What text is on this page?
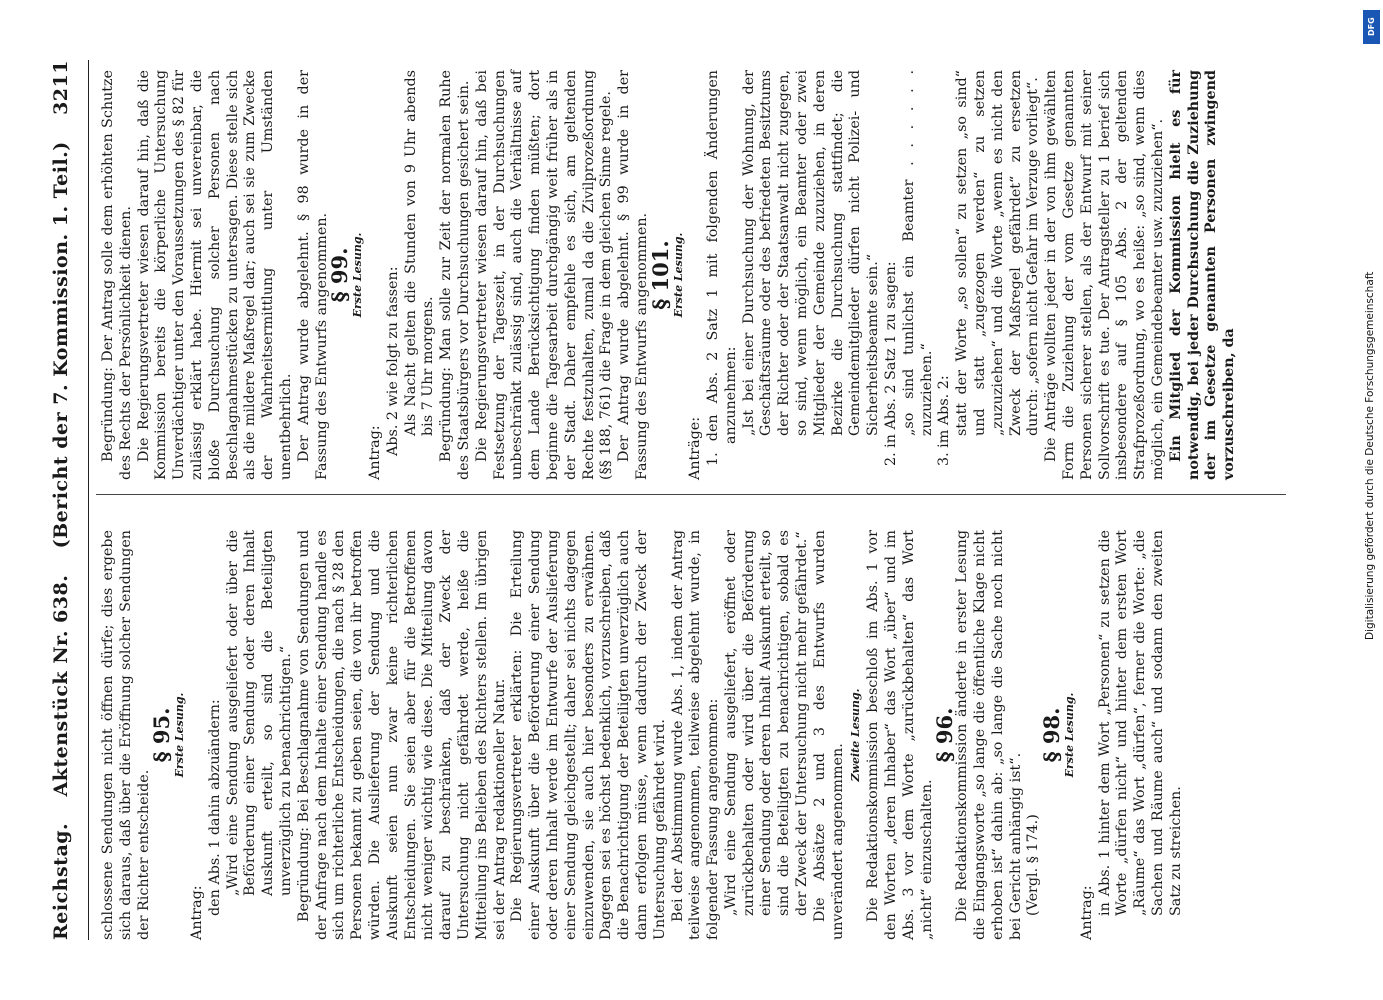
Reichstag.
Aktenstück Nr. 638.
(Bericht der 7. Kommission. 1. Teil.)
3211

schlossene Sendungen nicht öffnen dürfe; dies ergebe sich daraus, daß über die Eröffnung solcher Sendungen der Richter entscheide.

§ 95.

Erste Lesung.

Antrag: den Abs. 1 dahin abzuändern: „Wird eine Sendung ausgeliefert oder über die Beförderung einer Sendung oder deren Inhalt Auskunft erteilt, so sind die Beteiligten unverzüglich zu benachrichtigen.“ Begründung: Bei Beschlagnahme von Sendungen und der Anfrage nach dem Inhalte einer Sendung handle es sich um richterliche Entscheidungen, die nach § 28 den Personen bekannt zu geben seien, die von ihr betroffen würden. Die Auslieferung der Sendung und die Auskunft seien nun zwar keine richterlichen Entscheidungen. Sie seien aber für die Betroffenen nicht weniger wichtig wie diese. Die Mitteilung davon darauf zu beschränken, daß der Zweck der Untersuchung nicht gefährdet werde, heiße die Mitteilung ins Belieben des Richters stellen. Im übrigen sei der Antrag redaktioneller Natur. Die Regierungsvertreter erklärten: Die Erteilung einer Auskunft über die Beförderung einer Sendung oder deren Inhalt werde im Entwurfe der Auslieferung einer Sendung gleichgestellt; daher sei nichts dagegen einzuwenden, sie auch hier besonders zu erwähnen. Dagegen sei es höchst bedenklich, vorzuschreiben, daß die Benachrichtigung der Beteiligten unverzüglich auch dann erfolgen müsse, wenn dadurch der Zweck der Untersuchung gefährdet wird. Bei der Abstimmung wurde Abs. 1, indem der Antrag teilweise angenommen, teilweise abgelehnt wurde, in folgender Fassung angenommen: „Wird eine Sendung ausgeliefert, eröffnet oder zurückbehalten oder wird über die Beförderung einer Sendung oder deren Inhalt Auskunft erteilt, so sind die Beteiligten zu benachrichtigen, sobald es der Zweck der Untersuchung nicht mehr gefährdet.“ Die Absätze 2 und 3 des Entwurfs wurden unverändert angenommen.

Zweite Lesung. Die Redaktionskommission beschloß im Abs. 1 vor den Worten „deren Inhaber“ das Wort „über“ und im Abs. 3 vor dem Worte „zurückbehalten“ das Wort „nicht“ einzuschalten.

§ 96.

Die Redaktionskommission änderte in erster Lesung die Eingangsworte „so lange die öffentliche Klage nicht erhoben ist“ dahin ab: „so lange die Sache noch nicht bei Gericht anhängig ist“. (Vergl. § 174.)

§ 98.

Erste Lesung.

Antrag: in Abs. 1 hinter dem Wort „Personen“ zu setzen die Worte „dürfen nicht“ und hinter dem ersten Wort „Räume“ das Wort „dürfen“, ferner die Worte: „die Sachen und Räume auch“ und sodann den zweiten Satz zu streichen.

Begründung: Der Antrag solle dem erhöhten Schutze des Rechts der Persönlichkeit dienen. Die Regierungsvertreter wiesen darauf hin, daß die Kommission bereits die körperliche Untersuchung Unverdächtiger unter den Voraussetzungen des § 82 für zulässig erklärt habe. Hiermit sei unvereinbar, die bloße Durchsuchung solcher Personen nach Beschlagnahmestücken zu untersagen. Diese stelle sich als die mildere Maßregel dar; auch sei sie zum Zwecke der Wahrheitsermittlung unter Umständen unentbehrlich. Der Antrag wurde abgelehnt. § 98 wurde in der Fassung des Entwurfs angenommen.

§ 99.

Erste Lesung.

Antrag: Abs. 2 wie folgt zu fassen: Als Nacht gelten die Stunden von 9 Uhr abends bis 7 Uhr morgens. Begründung: Man solle zur Zeit der normalen Ruhe des Staatsbürgers vor Durchsuchungen gesichert sein. Die Regierungsvertreter wiesen darauf hin, daß bei Festsetzung der Tageszeit, in der Durchsuchungen unbeschränkt zulässig sind, auch die Verhältnisse auf dem Lande Berücksichtigung finden müßten; dort beginne die Tagesarbeit durchgängig weit früher als in der Stadt. Daher empfehle es sich, am geltenden Rechte festzuhalten, zumal da die Zivilprozeßordnung (§§ 188, 761) die Frage in dem gleichen Sinne regele. Der Antrag wurde abgelehnt. § 99 wurde in der Fassung des Entwurfs angenommen.

§ 101.

Erste Lesung.

Anträge: 1. den Abs. 2 Satz 1 mit folgenden Änderungen anzunehmen: „Ist bei einer Durchsuchung der Wohnung, der Geschäftsräume oder des befriedeten Besitztums der Richter oder der Staatsanwalt nicht zugegen, so sind, wenn möglich, ein Beamter oder zwei Mitglieder der Gemeinde zuzuziehen, in deren Bezirke die Durchsuchung stattfindet; die Gemeindemitglieder dürfen nicht Polizei- und Sicherheitsbeamte sein.“ 2. in Abs. 2 Satz 1 zu sagen: „so sind tunlichst ein Beamter . . . . . . zuzuziehen.“ 3. im Abs. 2: statt der Worte „so sollen“ zu setzen „so sind“ und statt „zugezogen werden“ zu setzen „zuzuziehen“ und die Worte „wenn es nicht den Zweck der Maßregel gefährdet“ zu ersetzen durch: „sofern nicht Gefahr im Verzuge vorliegt“. Die Anträge wollten jeder in der von ihm gewählten Form die Zuziehung der vom Gesetze genannten Personen sicherer stellen, als der Entwurf mit seiner Sollvorschrift es tue. Der Antragsteller zu 1 berief sich insbesondere auf § 105 Abs. 2 der geltenden Strafprozeßordnung, wo es heiße: „so sind, wenn dies möglich, ein Gemeindebeamter usw. zuzuziehen“. Ein Mitglied der Kommission hielt es für notwendig, bei jeder Durchsuchung die Zuziehung der im Gesetze genannten Personen zwingend vorzuschreiben, da

DFG
Digitalisierung gefördert durch die Deutsche Forschungsgemeinschaft
